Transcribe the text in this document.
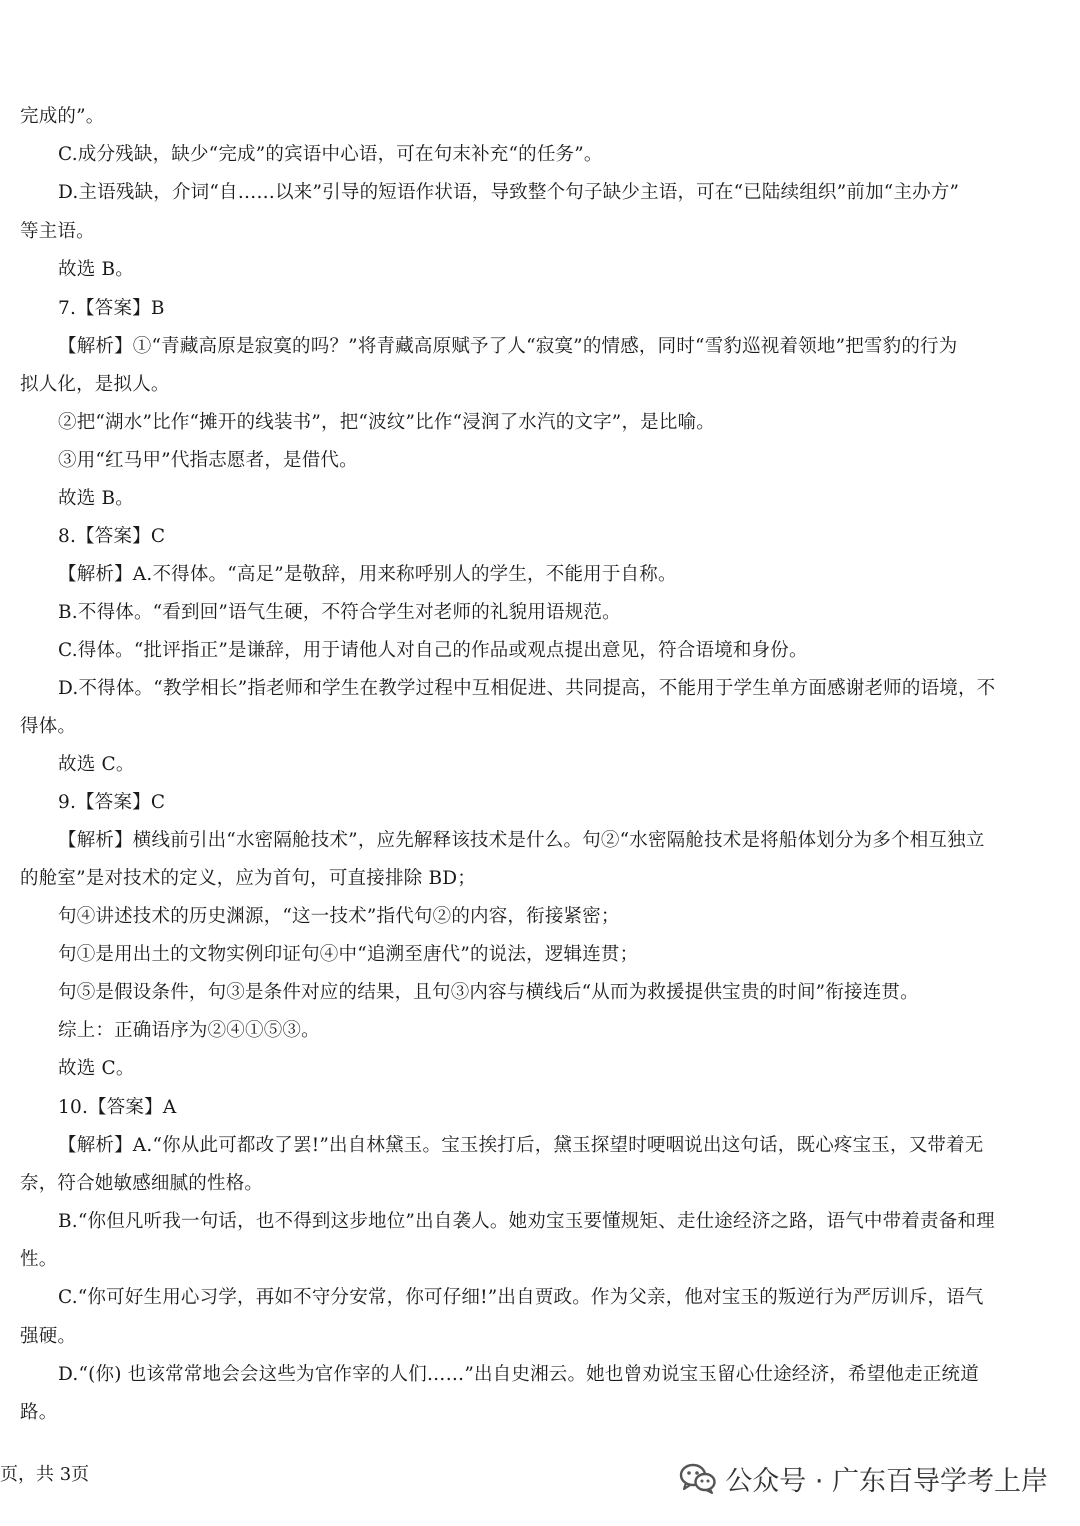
完成的”。
C.成分残缺，缺少“完成”的宾语中心语，可在句末补充“的任务”。
D.主语残缺，介词“自……以来”引导的短语作状语，导致整个句子缺少主语，可在“已陆续组织”前加“主办方”
等主语。
故选 B。
7.【答案】B
【解析】①“青藏高原是寂寞的吗？”将青藏高原赋予了人“寂寞”的情感，同时“雪豹巡视着领地”把雪豹的行为
拟人化，是拟人。
②把“湖水”比作“摊开的线装书”，把“波纹”比作“浸润了水汽的文字”，是比喻。
③用“红马甲”代指志愿者，是借代。
故选 B。
8.【答案】C
【解析】A.不得体。“高足”是敬辞，用来称呼别人的学生，不能用于自称。
B.不得体。“看到回”语气生硬，不符合学生对老师的礼貌用语规范。
C.得体。“批评指正”是谦辞，用于请他人对自己的作品或观点提出意见，符合语境和身份。
D.不得体。“教学相长”指老师和学生在教学过程中互相促进、共同提高，不能用于学生单方面感谢老师的语境，不
得体。
故选 C。
9.【答案】C
【解析】横线前引出“水密隔舱技术”，应先解释该技术是什么。句②“水密隔舱技术是将船体划分为多个相互独立
的舱室”是对技术的定义，应为首句，可直接排除 BD；
句④讲述技术的历史渊源，“这一技术”指代句②的内容，衔接紧密；
句①是用出土的文物实例印证句④中“追溯至唐代”的说法，逻辑连贯；
句⑤是假设条件，句③是条件对应的结果，且句③内容与横线后“从而为救援提供宝贵的时间”衔接连贯。
综上：正确语序为②④①⑤③。
故选 C。
10.【答案】A
【解析】A.“你从此可都改了罢!”出自林黛玉。宝玉挨打后，黛玉探望时哽咽说出这句话，既心疼宝玉，又带着无
奈，符合她敏感细腻的性格。
B.“你但凡听我一句话，也不得到这步地位”出自袭人。她劝宝玉要懂规矩、走仕途经济之路，语气中带着责备和理
性。
C.“你可好生用心习学，再如不守分安常，你可仔细!”出自贾政。作为父亲，他对宝玉的叛逆行为严厉训斥，语气
强硬。
D.“(你) 也该常常地会会这些为官作宰的人们……”出自史湘云。她也曾劝说宝玉留心仕途经济，希望他走正统道
路。
页，共 3页	公众号 · 广东百导学考上岸
